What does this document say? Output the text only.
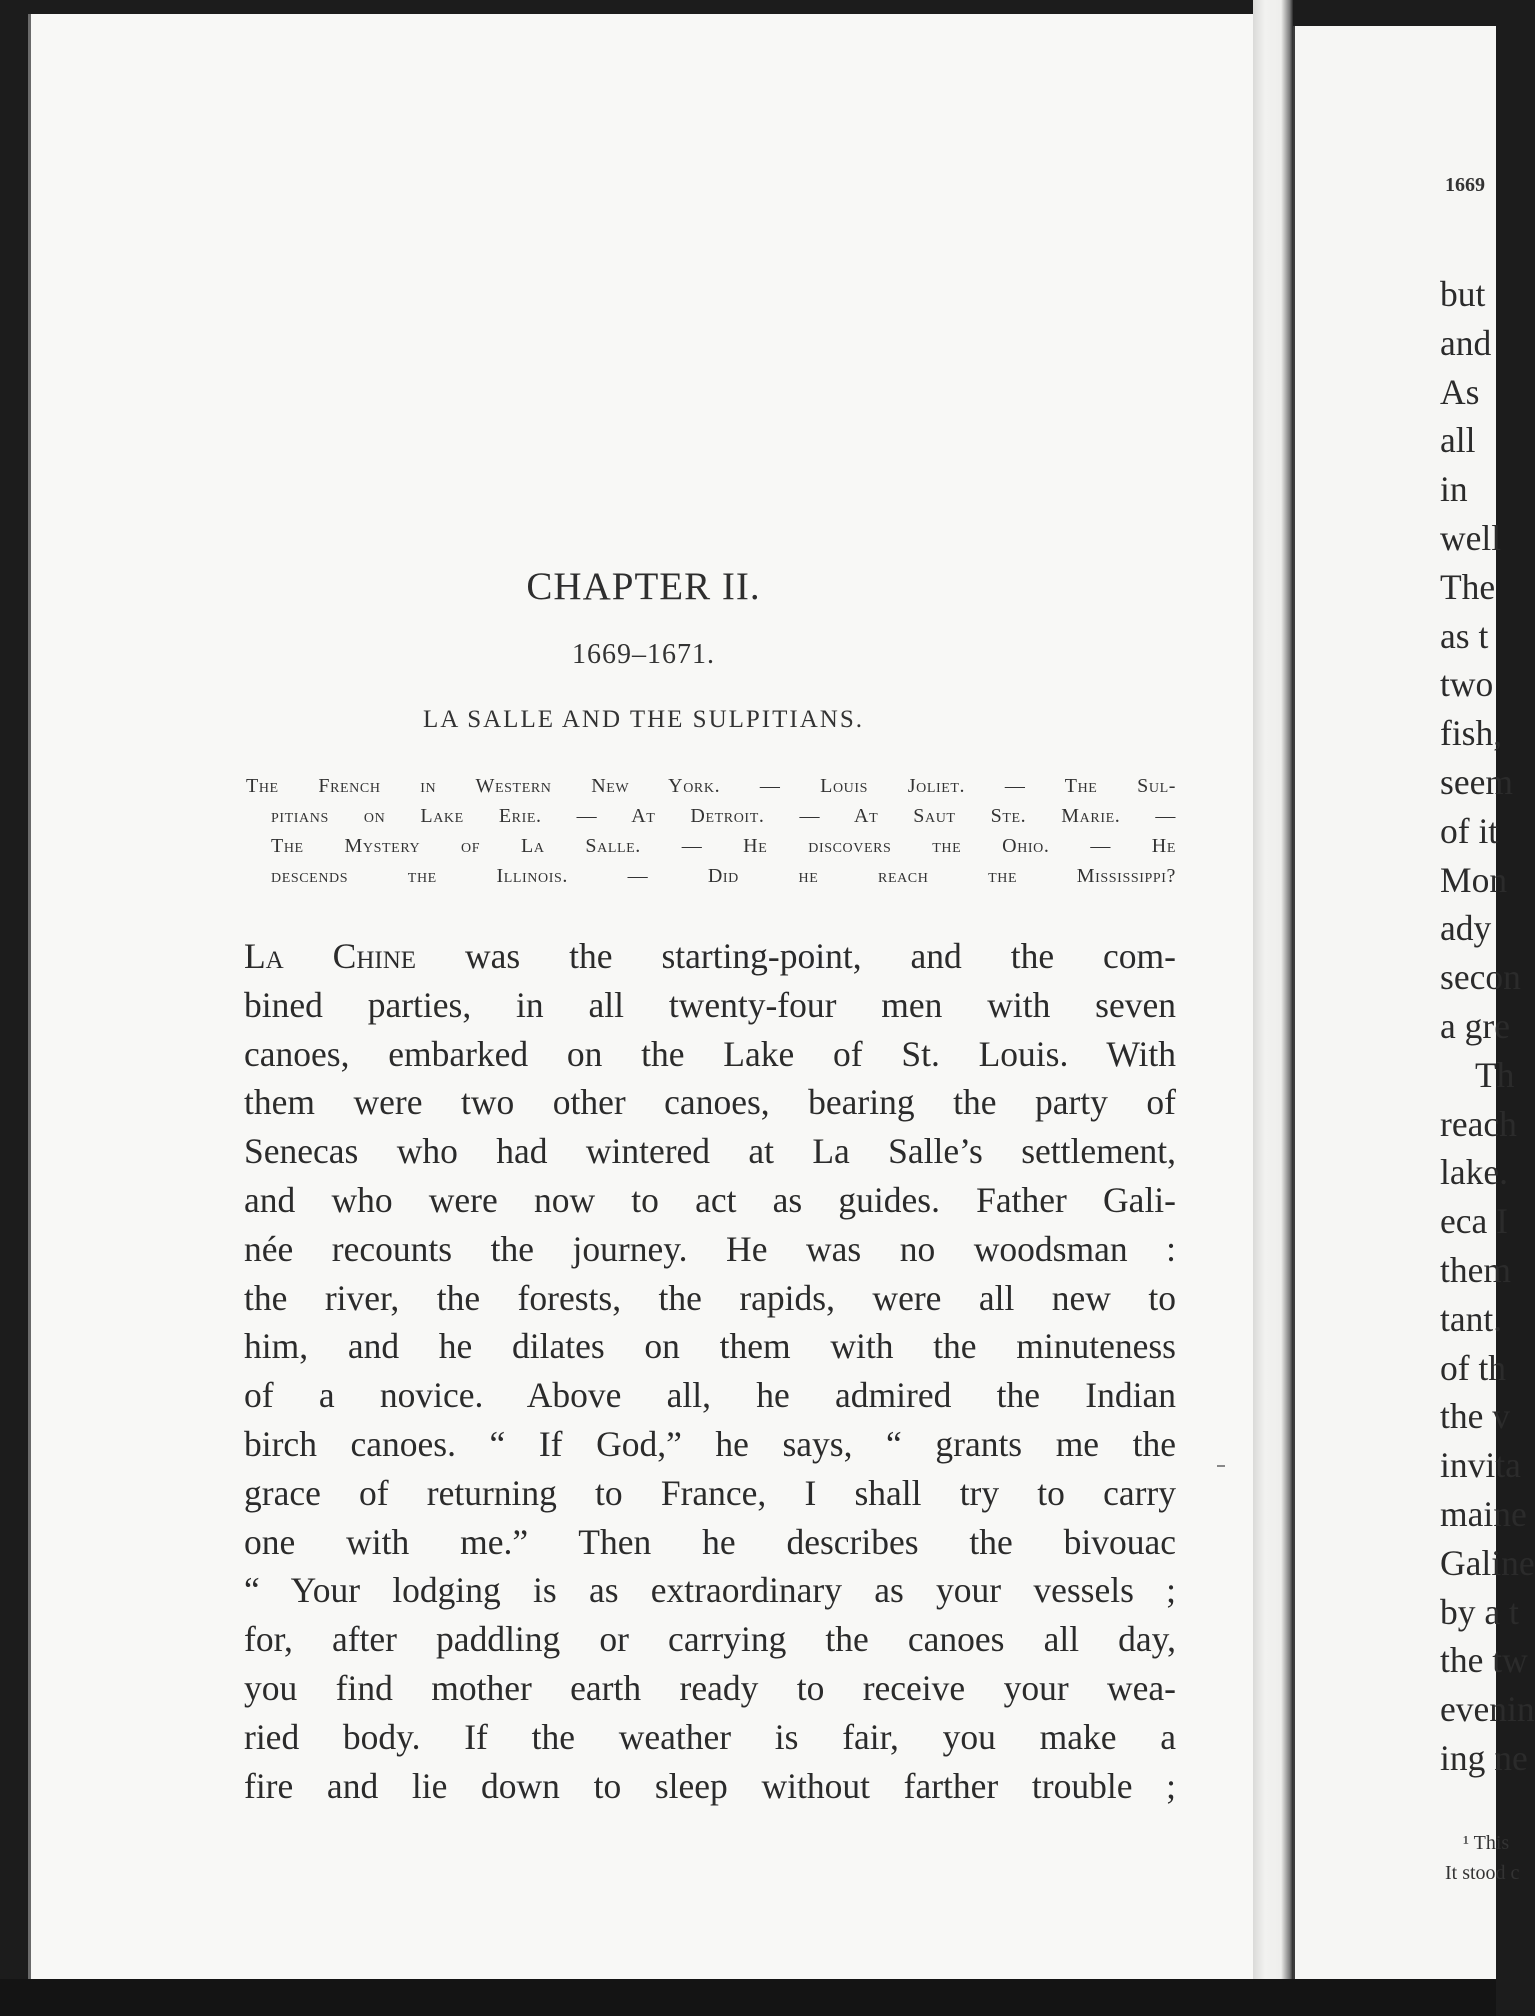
CHAPTER II.
1669–1671.
LA SALLE AND THE SULPITIANS.
The French in Western New York. — Louis Joliet. — The Sul-
pitians on Lake Erie. — At Detroit. — At Saut Ste. Marie. —
The Mystery of La Salle. — He discovers the Ohio. — He
descends the Illinois. — Did he reach the Mississippi?
La Chine was the starting-point, and the com-
bined parties, in all twenty-four men with seven
canoes, embarked on the Lake of St. Louis. With
them were two other canoes, bearing the party of
Senecas who had wintered at La Salle’s settlement,
and who were now to act as guides. Father Gali-
née recounts the journey. He was no woodsman :
the river, the forests, the rapids, were all new to
him, and he dilates on them with the minuteness
of a novice. Above all, he admired the Indian
birch canoes. “ If God,” he says, “ grants me the
grace of returning to France, I shall try to carry
one with me.” Then he describes the bivouac
“ Your lodging is as extraordinary as your vessels ;
for, after paddling or carrying the canoes all day,
you find mother earth ready to receive your wea-
ried body. If the weather is fair, you make a
fire and lie down to sleep without farther trouble ;
1669
but
and
As
all
in
well
The
as t
two
fish,
seem
of it
Mon
ady
secon
a gre
Th
reach
lake.
eca I
them
tant.
of th
the v
invita
maine
Galine
by a t
the tw
evenin
ing ne
¹ This
It stood c
